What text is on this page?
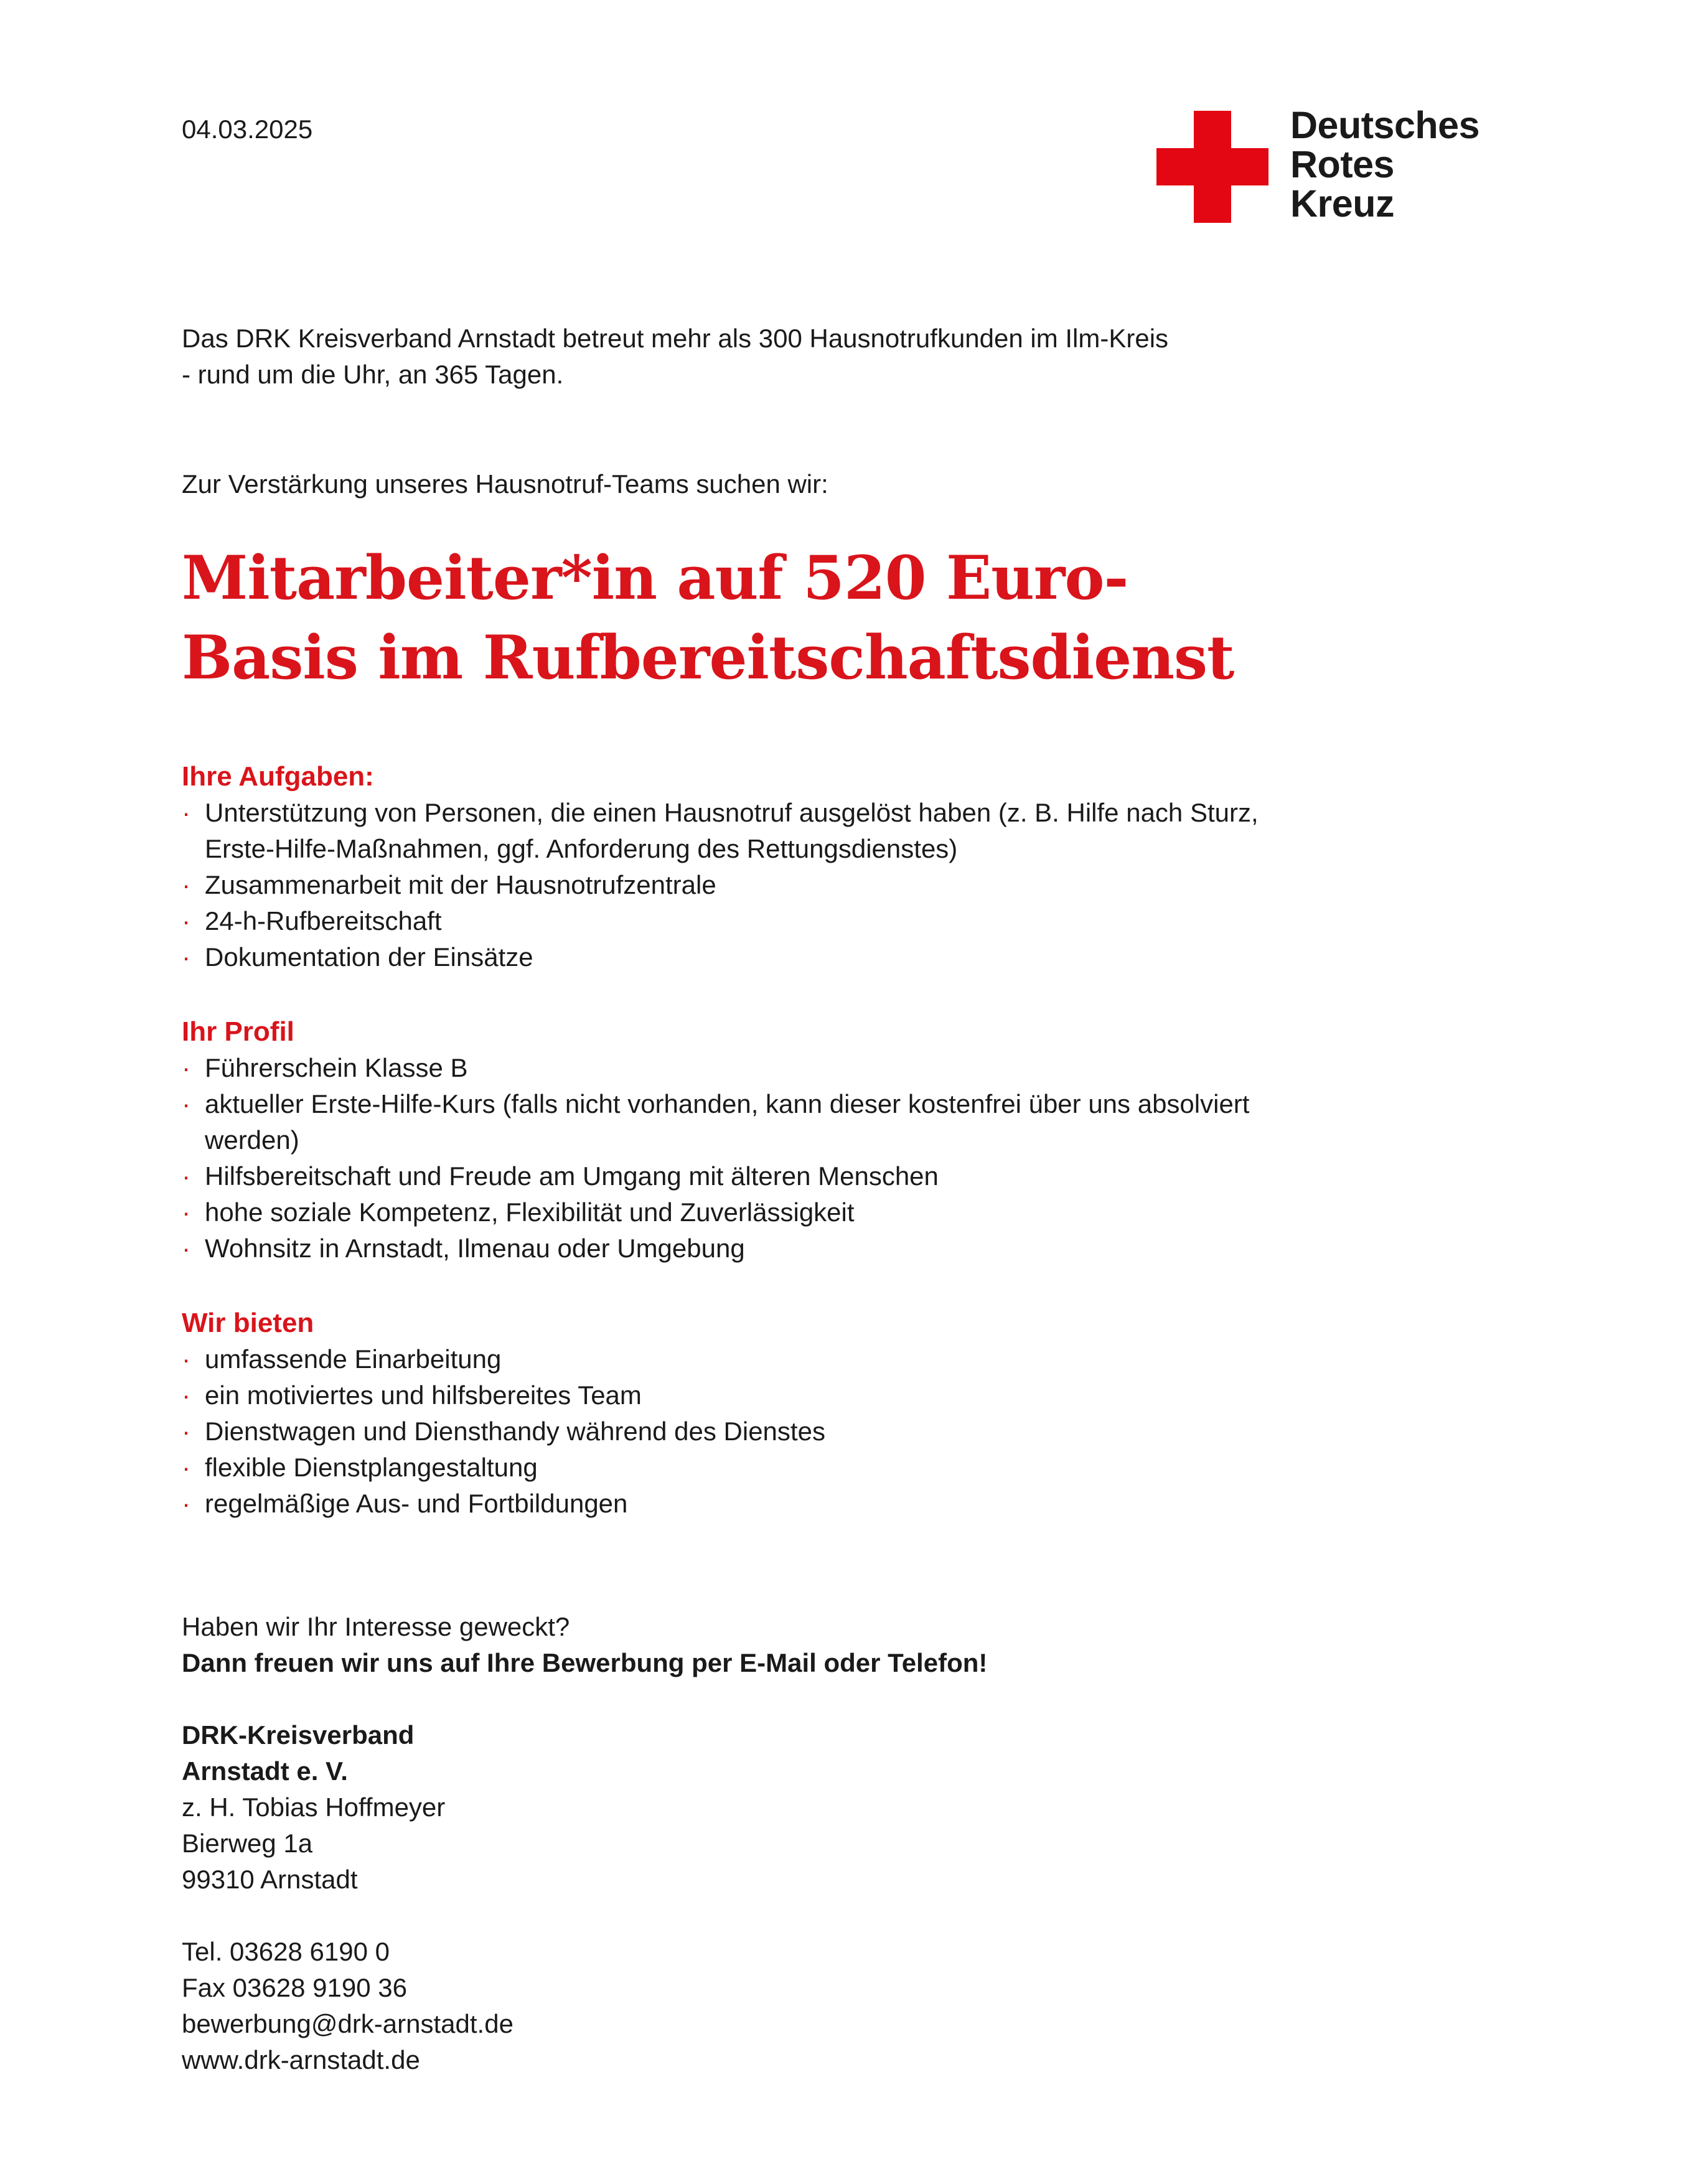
04.03.2025	Deutsches
Rotes
Kreuz
Das DRK Kreisverband Arnstadt betreut mehr als 300 Hausnotrufkunden im Ilm-Kreis
- rund um die Uhr, an 365 Tagen.
Zur Verstärkung unseres Hausnotruf-Teams suchen wir:
Mitarbeiter*in auf 520 Euro-
Basis im Rufbereitschaftsdienst
Ihre Aufgaben:
· Unterstützung von Personen, die einen Hausnotruf ausgelöst haben (z. B. Hilfe nach Sturz, Erste-Hilfe-Maßnahmen, ggf. Anforderung des Rettungsdienstes)
· Zusammenarbeit mit der Hausnotrufzentrale
· 24-h-Rufbereitschaft
· Dokumentation der Einsätze
Ihr Profil
· Führerschein Klasse B
· aktueller Erste-Hilfe-Kurs (falls nicht vorhanden, kann dieser kostenfrei über uns absolviert werden)
· Hilfsbereitschaft und Freude am Umgang mit älteren Menschen
· hohe soziale Kompetenz, Flexibilität und Zuverlässigkeit
· Wohnsitz in Arnstadt, Ilmenau oder Umgebung
Wir bieten
· umfassende Einarbeitung
· ein motiviertes und hilfsbereites Team
· Dienstwagen und Diensthandy während des Dienstes
· flexible Dienstplangestaltung
· regelmäßige Aus- und Fortbildungen
Haben wir Ihr Interesse geweckt?
Dann freuen wir uns auf Ihre Bewerbung per E-Mail oder Telefon!
DRK-Kreisverband
Arnstadt e. V.
z. H. Tobias Hoffmeyer
Bierweg 1a
99310 Arnstadt
Tel. 03628 6190 0
Fax 03628 9190 36
bewerbung@drk-arnstadt.de
www.drk-arnstadt.de
